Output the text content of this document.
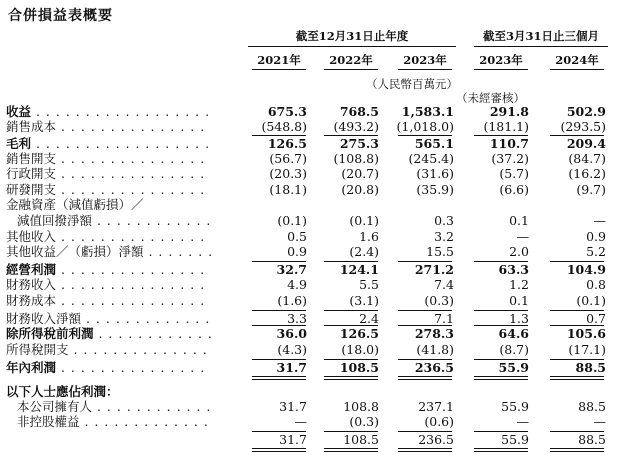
合併損益表概要
截至12月31日止年度	截至3月31日止三個月
2021年	2022年	2023年	2023年	2024年
（人民幣百萬元）
（未經審核）
收益 . . .	675.3	768.5	1,583.1	291.8	502.9
銷售成本 . . .	(548.8)	(493.2)	(1,018.0)	(181.1)	(293.5)
毛利 . . .	126.5	275.3	565.1	110.7	209.4
銷售開支 . . .	(56.7)	(108.8)	(245.4)	(37.2)	(84.7)
行政開支 . . .	(20.3)	(20.7)	(31.6)	(5.7)	(16.2)
研發開支 . . .	(18.1)	(20.8)	(35.9)	(6.6)	(9.7)
金融資產（減值虧損）／
減值回撥淨額 . . .	(0.1)	(0.1)	0.3	0.1	—
其他收入 . . .	0.5	1.6	3.2	—	0.9
其他收益／（虧損）淨額 . . .	0.9	(2.4)	15.5	2.0	5.2
經營利潤 . . .	32.7	124.1	271.2	63.3	104.9
財務收入 . . .	4.9	5.5	7.4	1.2	0.8
財務成本 . . .	(1.6)	(3.1)	(0.3)	0.1	(0.1)
財務收入淨額 . . .	3.3	2.4	7.1	1.3	0.7
除所得稅前利潤 . . .	36.0	126.5	278.3	64.6	105.6
所得稅開支 . . .	(4.3)	(18.0)	(41.8)	(8.7)	(17.1)
年內利潤 . . .	31.7	108.5	236.5	55.9	88.5
以下人士應佔利潤：
本公司擁有人 . . .	31.7	108.8	237.1	55.9	88.5
非控股權益 . . .	—	(0.3)	(0.6)	—	—
31.7	108.5	236.5	55.9	88.5
